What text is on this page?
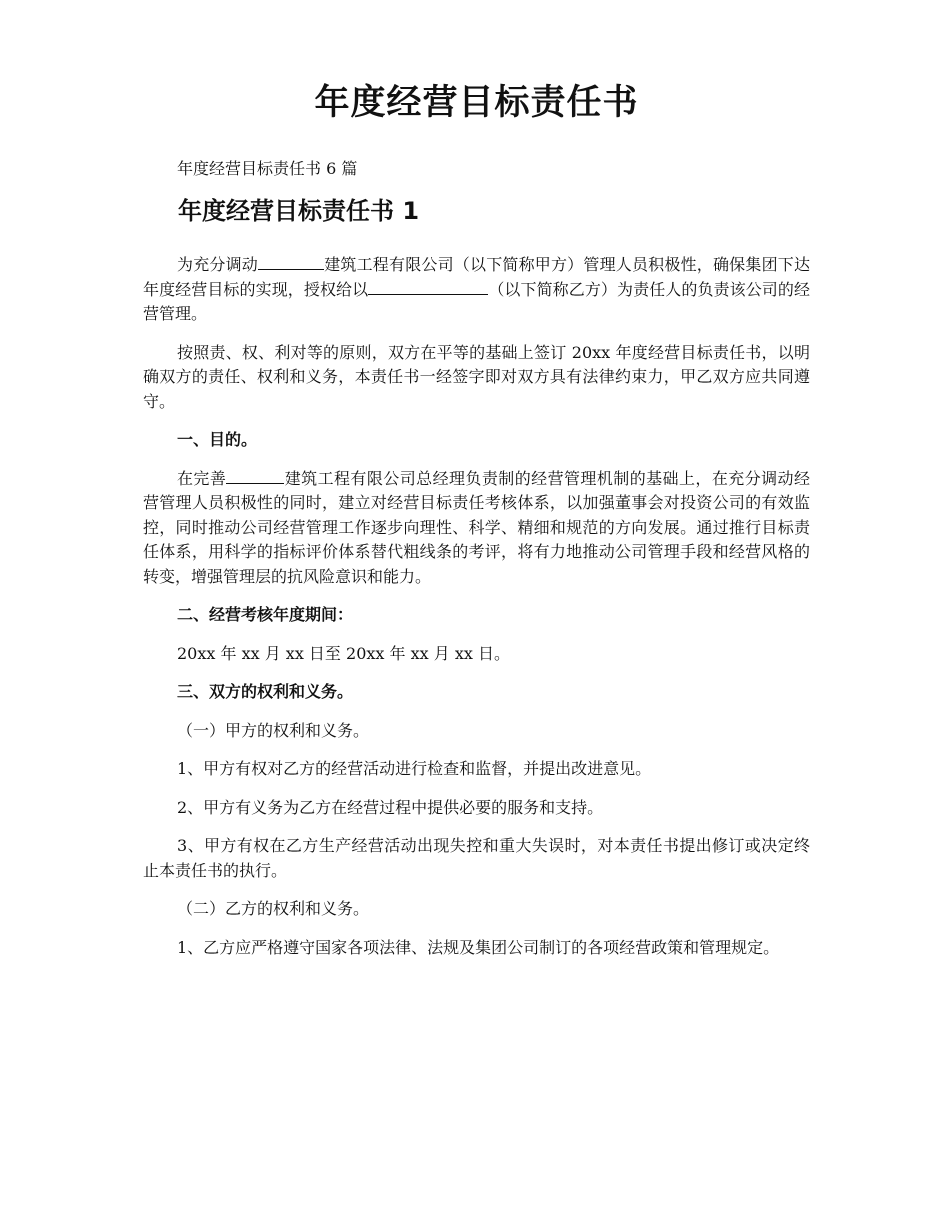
年度经营目标责任书

年度经营目标责任书 6 篇

年度经营目标责任书 1

为充分调动	建筑工程有限公司（以下简称甲方）管理人员积极性，确保集团下达年度经营目标的实现，授权给以	（以下简称乙方）为责任人的负责该公司的经营管理。

按照责、权、利对等的原则，双方在平等的基础上签订 20xx 年度经营目标责任书，以明确双方的责任、权利和义务，本责任书一经签字即对双方具有法律约束力，甲乙双方应共同遵守。

一、目的。

在完善	建筑工程有限公司总经理负责制的经营管理机制的基础上，在充分调动经营管理人员积极性的同时，建立对经营目标责任考核体系，以加强董事会对投资公司的有效监控，同时推动公司经营管理工作逐步向理性、科学、精细和规范的方向发展。通过推行目标责任体系，用科学的指标评价体系替代粗线条的考评，将有力地推动公司管理手段和经营风格的转变，增强管理层的抗风险意识和能力。

二、经营考核年度期间：

20xx 年 xx 月 xx 日至 20xx 年 xx 月 xx 日。

三、双方的权利和义务。

（一）甲方的权利和义务。

1、甲方有权对乙方的经营活动进行检查和监督，并提出改进意见。

2、甲方有义务为乙方在经营过程中提供必要的服务和支持。

3、甲方有权在乙方生产经营活动出现失控和重大失误时，对本责任书提出修订或决定终止本责任书的执行。

（二）乙方的权利和义务。

1、乙方应严格遵守国家各项法律、法规及集团公司制订的各项经营政策和管理规定。
